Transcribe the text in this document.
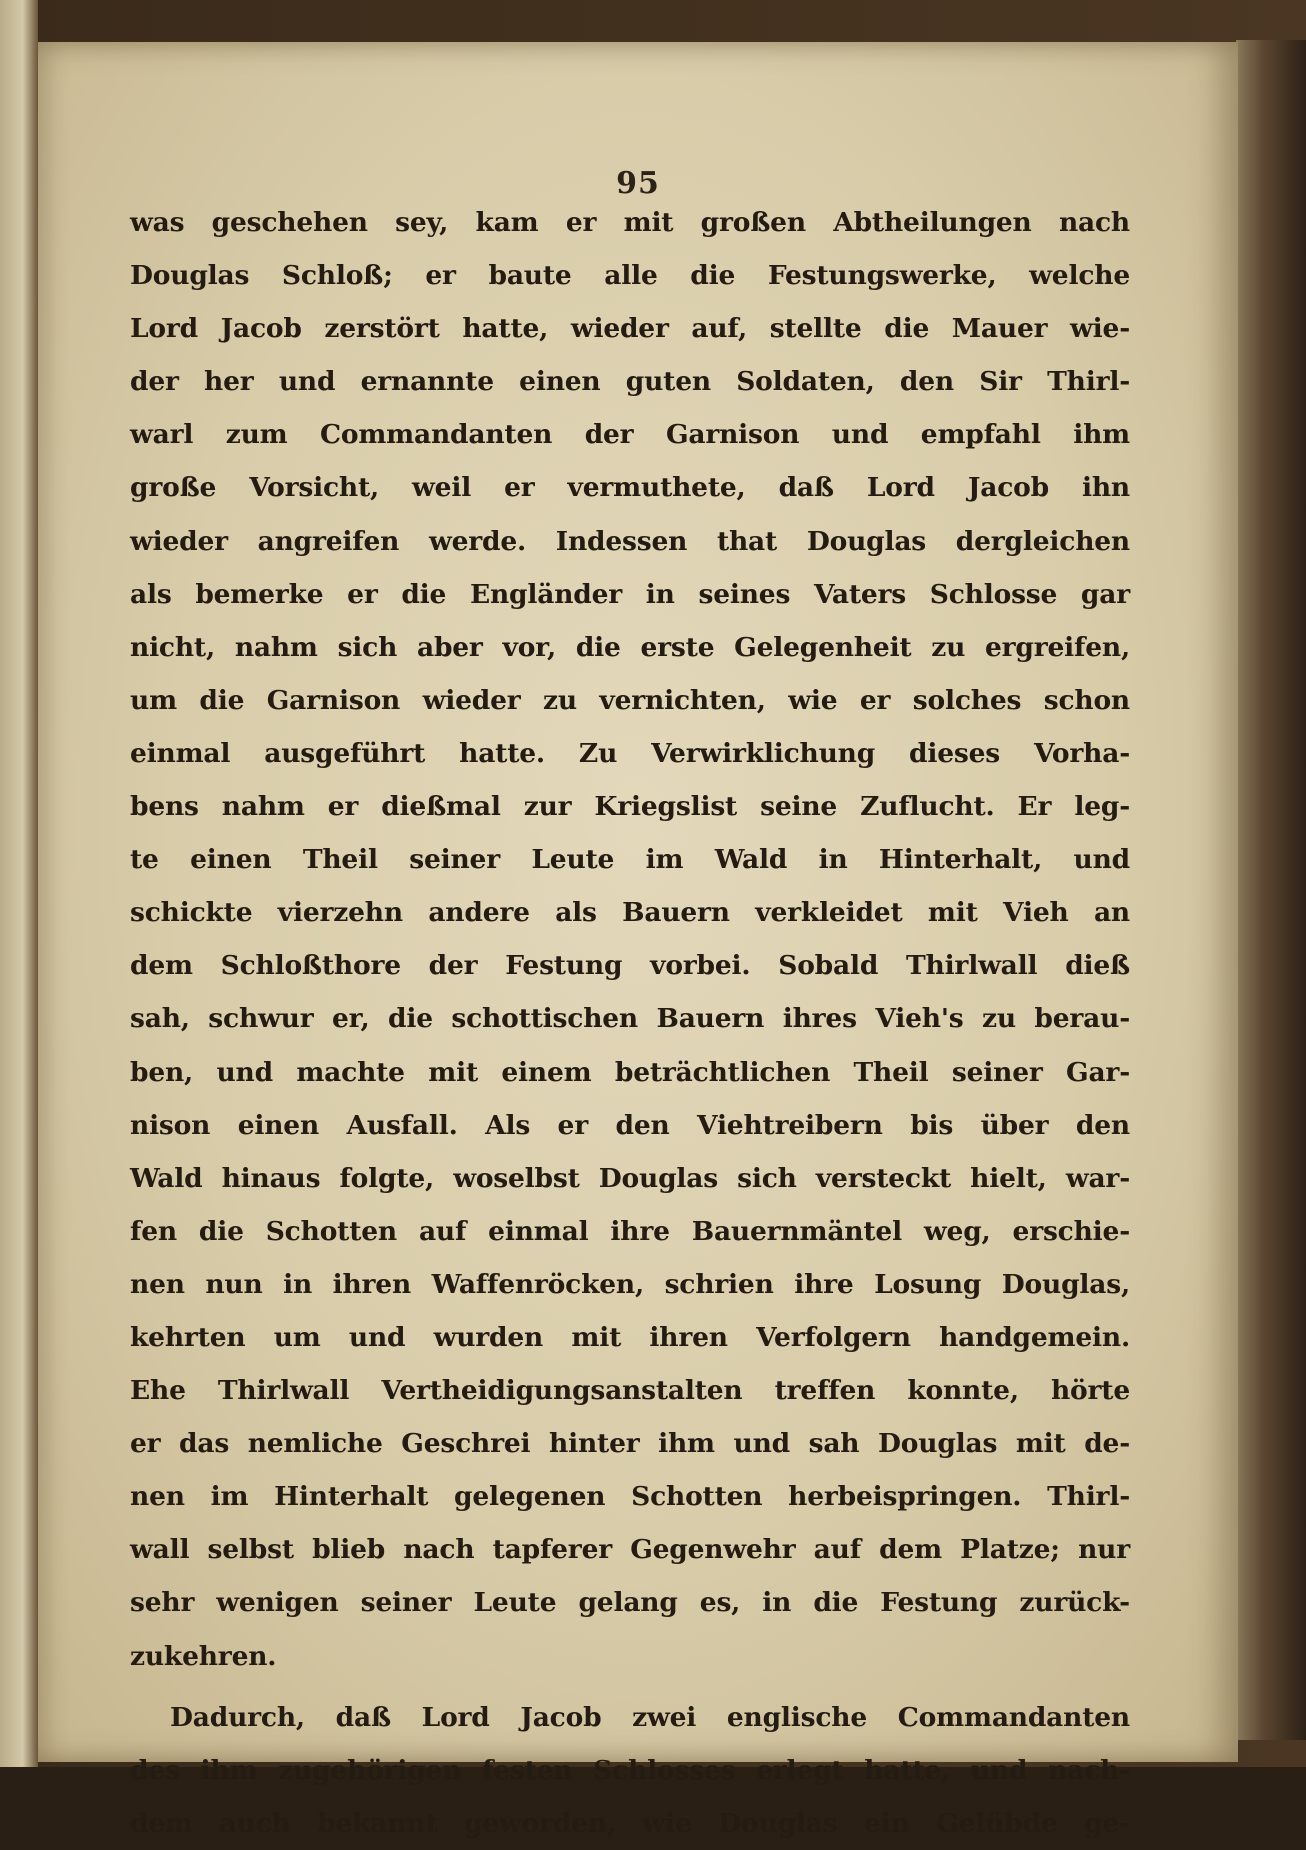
95
was geschehen sey, kam er mit großen Abtheilungen nach
Douglas Schloß; er baute alle die Festungswerke, welche
Lord Jacob zerstört hatte, wieder auf, stellte die Mauer wie-
der her und ernannte einen guten Soldaten, den Sir Thirl-
warl zum Commandanten der Garnison und empfahl ihm
große Vorsicht, weil er vermuthete, daß Lord Jacob ihn
wieder angreifen werde. Indessen that Douglas dergleichen
als bemerke er die Engländer in seines Vaters Schlosse gar
nicht, nahm sich aber vor, die erste Gelegenheit zu ergreifen,
um die Garnison wieder zu vernichten, wie er solches schon
einmal ausgeführt hatte. Zu Verwirklichung dieses Vorha-
bens nahm er dießmal zur Kriegslist seine Zuflucht. Er leg-
te einen Theil seiner Leute im Wald in Hinterhalt, und
schickte vierzehn andere als Bauern verkleidet mit Vieh an
dem Schloßthore der Festung vorbei. Sobald Thirlwall dieß
sah, schwur er, die schottischen Bauern ihres Vieh's zu berau-
ben, und machte mit einem beträchtlichen Theil seiner Gar-
nison einen Ausfall. Als er den Viehtreibern bis über den
Wald hinaus folgte, woselbst Douglas sich versteckt hielt, war-
fen die Schotten auf einmal ihre Bauernmäntel weg, erschie-
nen nun in ihren Waffenröcken, schrien ihre Losung Douglas,
kehrten um und wurden mit ihren Verfolgern handgemein.
Ehe Thirlwall Vertheidigungsanstalten treffen konnte, hörte
er das nemliche Geschrei hinter ihm und sah Douglas mit de-
nen im Hinterhalt gelegenen Schotten herbeispringen. Thirl-
wall selbst blieb nach tapferer Gegenwehr auf dem Platze; nur
sehr wenigen seiner Leute gelang es, in die Festung zurück-
zukehren.
Dadurch, daß Lord Jacob zwei englische Commandanten
des ihm zugehörigen festen Schlosses erlegt hatte, und nach-
dem auch bekannt geworden, wie Douglas ein Gelübde ge-
